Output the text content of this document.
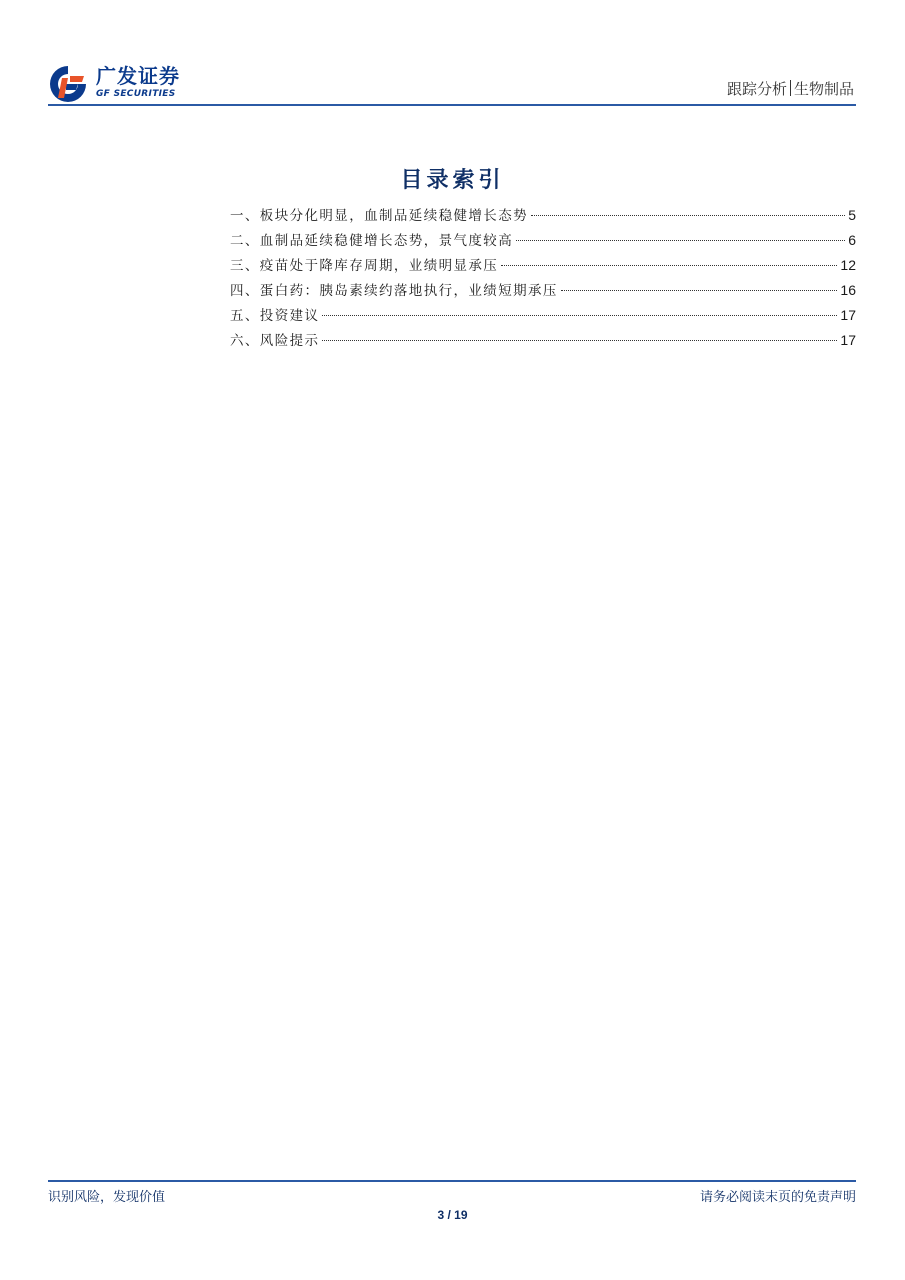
广发证券
GF SECURITIES	跟踪分析 生物制品
目录索引
一、板块分化明显，血制品延续稳健增长态势	5
二、血制品延续稳健增长态势，景气度较高	6
三、疫苗处于降库存周期，业绩明显承压	12
四、蛋白药：胰岛素续约落地执行，业绩短期承压	16
五、投资建议	17
六、风险提示	17
识别风险，发现价值	请务必阅读末页的免责声明
3 / 19
